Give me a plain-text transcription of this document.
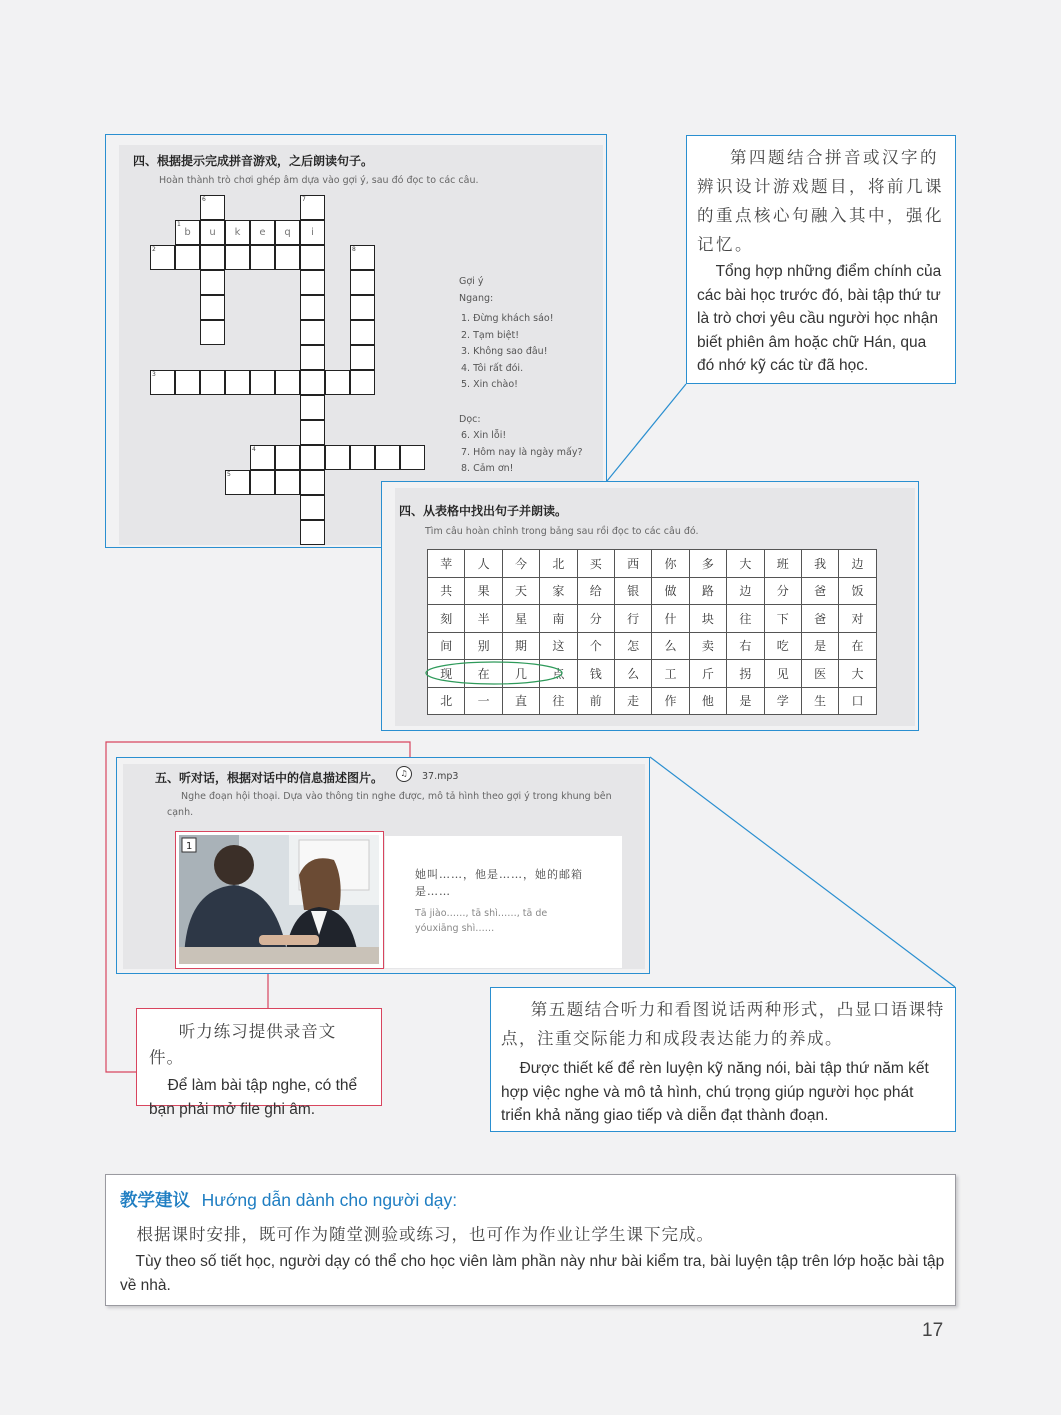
四、根据提示完成拼音游戏，之后朗读句子。
Hoàn thành trò chơi ghép âm dựa vào gợi ý, sau đó đọc to các câu.
b	u	k	e	q	i
1
2
3
4
5
6	7
8
Gợi ý
Ngang:
1. Đừng khách sáo!
2. Tạm biệt!
3. Không sao đâu!
4. Tôi rất đói.
5. Xin chào!
Dọc:
6. Xin lỗi!
7. Hôm nay là ngày mấy?
8. Cảm ơn!
第四题结合拼音或汉字的辨识设计游戏题目，将前几课的重点核心句融入其中，强化记忆。
Tổng hợp những điểm chính của các bài học trước đó, bài tập thứ tư là trò chơi yêu cầu người học nhận biết phiên âm hoặc chữ Hán, qua đó nhớ kỹ các từ đã học.
四、从表格中找出句子并朗读。
Tìm câu hoàn chỉnh trong bảng sau rồi đọc to các câu đó.
苹	人	今	北	买	西	你	多	大	班	我	边
共	果	天	家	给	银	做	路	边	分	爸	饭
刻	半	星	南	分	行	什	块	往	下	爸	对
间	别	期	这	个	怎	么	卖	右	吃	是	在
现	在	几	点	钱	么	工	斤	拐	见	医	大
北	一	直	往	前	走	作	他	是	学	生	口
五、听对话，根据对话中的信息描述图片。	♫	37.mp3
Nghe đoạn hội thoại. Dựa vào thông tin nghe được, mô tả hình theo gợi ý trong khung bên cạnh.
1
她叫……，他是……，她的邮箱是……
Tā jiào……, tā shì……, tā de yóuxiāng shì……
听力练习提供录音文件。
Để làm bài tập nghe, có thể bạn phải mở file ghi âm.
第五题结合听力和看图说话两种形式，凸显口语课特点，注重交际能力和成段表达能力的养成。
Được thiết kế để rèn luyện kỹ năng nói, bài tập thứ năm kết hợp việc nghe và mô tả hình, chú trọng giúp người học phát triển khả năng giao tiếp và diễn đạt thành đoạn.
教学建议 Hướng dẫn dành cho người dạy:
根据课时安排，既可作为随堂测验或练习，也可作为作业让学生课下完成。
Tùy theo số tiết học, người dạy có thể cho học viên làm phần này như bài kiểm tra, bài luyện tập trên lớp hoặc bài tập về nhà.
17
